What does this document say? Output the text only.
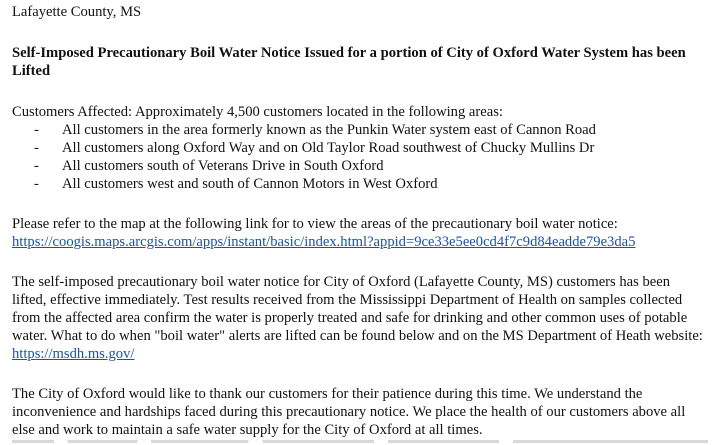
Lafayette County, MS

Self-Imposed Precautionary Boil Water Notice Issued for a portion of City of Oxford Water System has been Lifted

Customers Affected: Approximately 4,500 customers located in the following areas:

- All customers in the area formerly known as the Punkin Water system east of Cannon Road
- All customers along Oxford Way and on Old Taylor Road southwest of Chucky Mullins Dr
- All customers south of Veterans Drive in South Oxford
- All customers west and south of Cannon Motors in West Oxford

Please refer to the map at the following link for to view the areas of the precautionary boil water notice: https://coogis.maps.arcgis.com/apps/instant/basic/index.html?appid=9ce33e5ee0cd4f7c9d84eadde79e3da5

The self-imposed precautionary boil water notice for City of Oxford (Lafayette County, MS) customers has been lifted, effective immediately. Test results received from the Mississippi Department of Health on samples collected from the affected area confirm the water is properly treated and safe for drinking and other common uses of potable water. What to do when "boil water" alerts are lifted can be found below and on the MS Department of Heath website: https://msdh.ms.gov/

The City of Oxford would like to thank our customers for their patience during this time. We understand the inconvenience and hardships faced during this precautionary notice. We place the health of our customers above all else and work to maintain a safe water supply for the City of Oxford at all times.
